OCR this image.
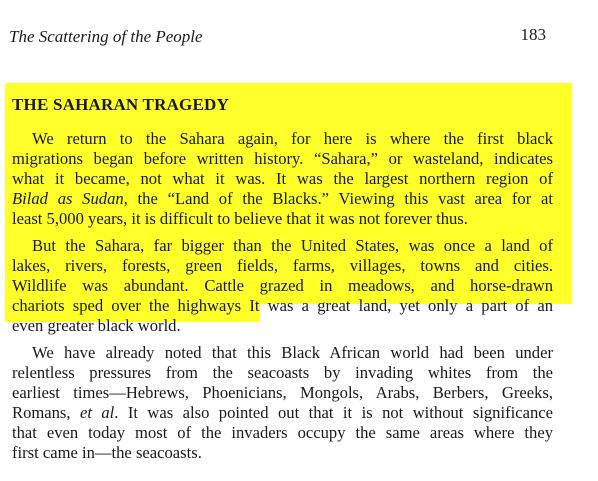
The Scattering of the People	183
THE SAHARAN TRAGEDY
We return to the Sahara again, for here is where the first black
migrations began before written history. “Sahara,” or wasteland, indicates
what it became, not what it was. It was the largest northern region of
Bilad as Sudan, the “Land of the Blacks.” Viewing this vast area for at
least 5,000 years, it is difficult to believe that it was not forever thus.
But the Sahara, far bigger than the United States, was once a land of
lakes, rivers, forests, green fields, farms, villages, towns and cities.
Wildlife was abundant. Cattle grazed in meadows, and horse-drawn
chariots sped over the highways It was a great land, yet only a part of an
even greater black world.
We have already noted that this Black African world had been under
relentless pressures from the seacoasts by invading whites from the
earliest times—Hebrews, Phoenicians, Mongols, Arabs, Berbers, Greeks,
Romans, et al. It was also pointed out that it is not without significance
that even today most of the invaders occupy the same areas where they
first came in—the seacoasts.
